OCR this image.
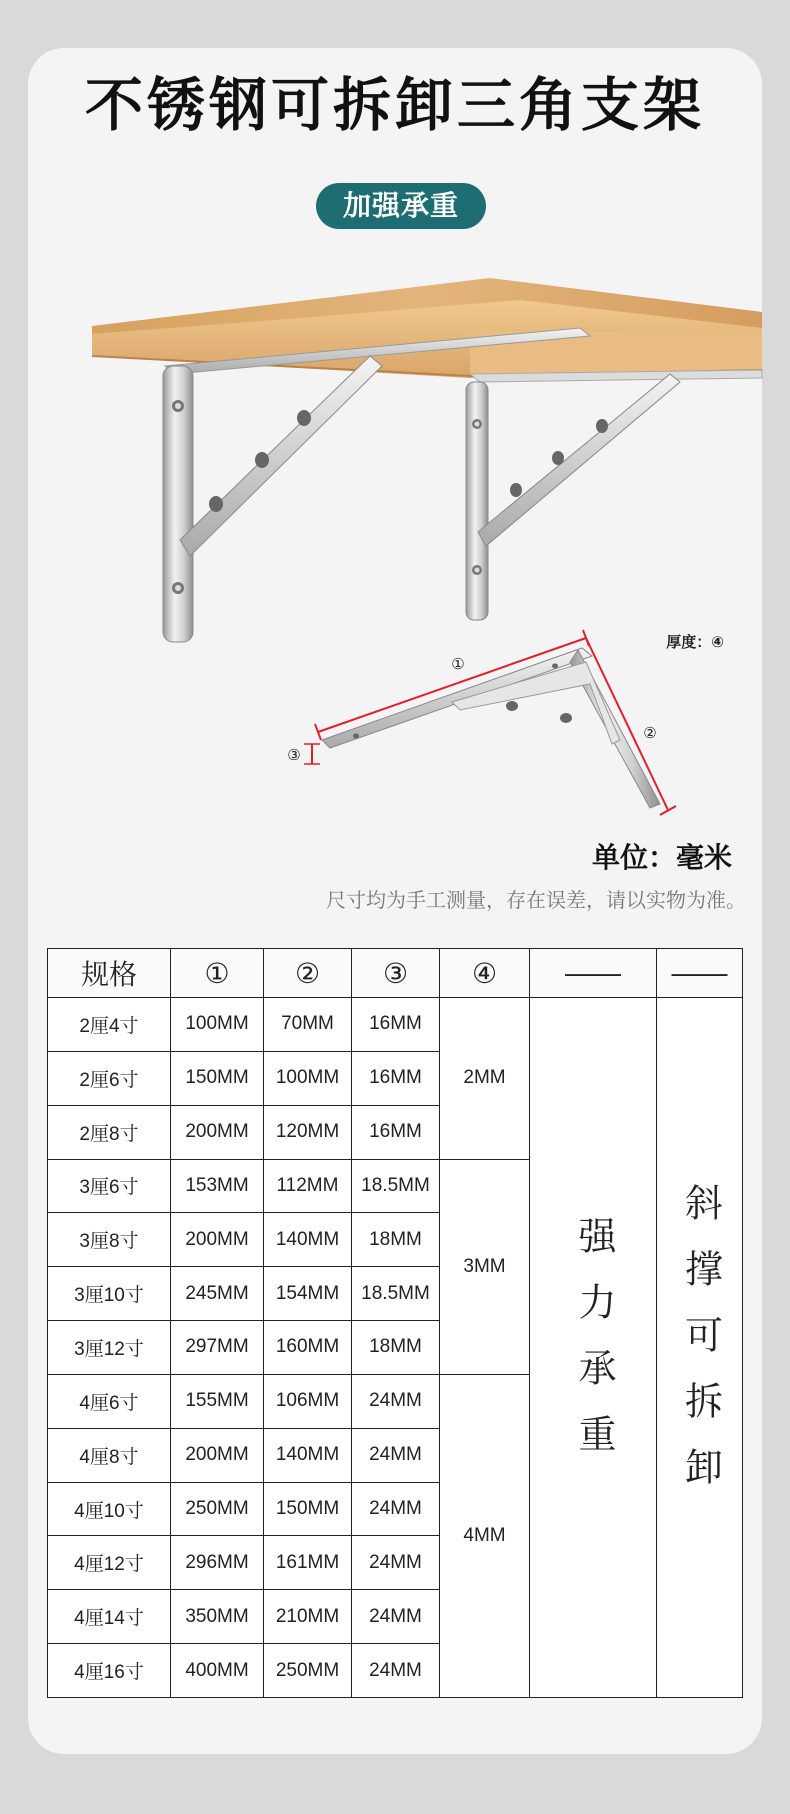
不锈钢可拆卸三角支架
加强承重
①
②
③
厚度：④
单位：毫米
尺寸均为手工测量，存在误差，请以实物为准。
规格	①	②	③	④	——	——
2厘4寸	100MM	70MM	16MM	2MM	强力承重	斜撑可拆卸

2厘6寸	150MM	100MM	16MM			
2厘8寸	200MM	120MM	16MM			
3厘6寸	153MM	112MM	18.5MM	3MM		
3厘8寸	200MM	140MM	18MM			
3厘10寸	245MM	154MM	18.5MM			
3厘12寸	297MM	160MM	18MM			
4厘6寸	155MM	106MM	24MM	4MM		
4厘8寸	200MM	140MM	24MM			
4厘10寸	250MM	150MM	24MM			
4厘12寸	296MM	161MM	24MM			
4厘14寸	350MM	210MM	24MM			
4厘16寸	400MM	250MM	24MM			
